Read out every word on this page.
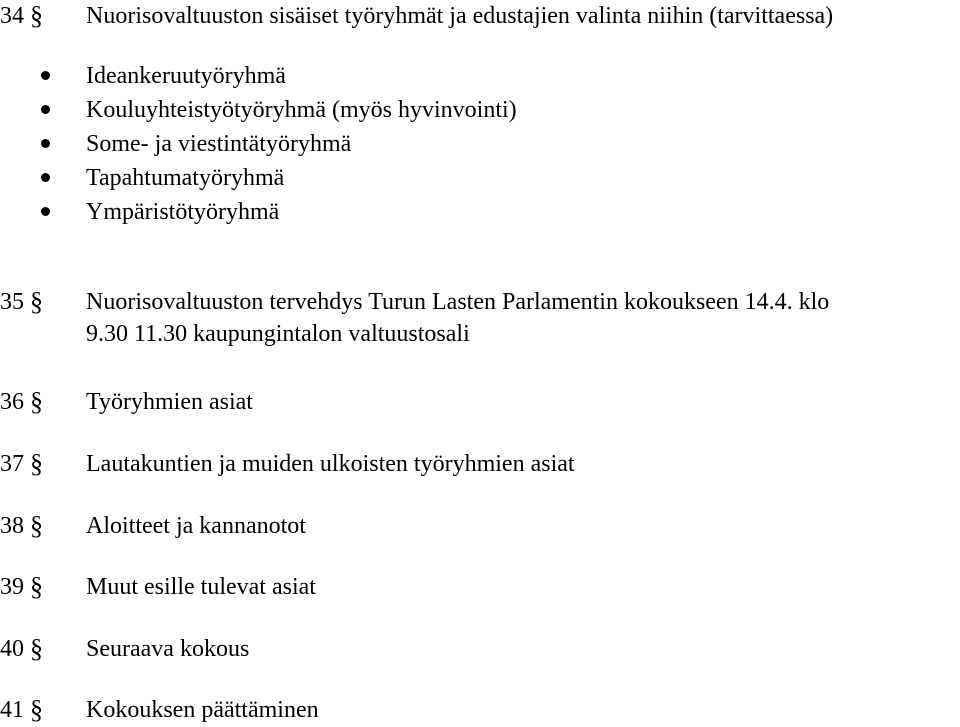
34 § Nuorisovaltuuston sisäiset työryhmät ja edustajien valinta niihin (tarvittaessa)
Ideankeruutyöryhmä
Kouluyhteistyötyöryhmä (myös hyvinvointi)
Some- ja viestintätyöryhmä
Tapahtumatyöryhmä
Ympäristötyöryhmä
35 § Nuorisovaltuuston tervehdys Turun Lasten Parlamentin kokoukseen 14.4. klo
9.30 11.30 kaupungintalon valtuustosali
36 § Työryhmien asiat
37 § Lautakuntien ja muiden ulkoisten työryhmien asiat
38 § Aloitteet ja kannanotot
39 § Muut esille tulevat asiat
40 § Seuraava kokous
41 § Kokouksen päättäminen
